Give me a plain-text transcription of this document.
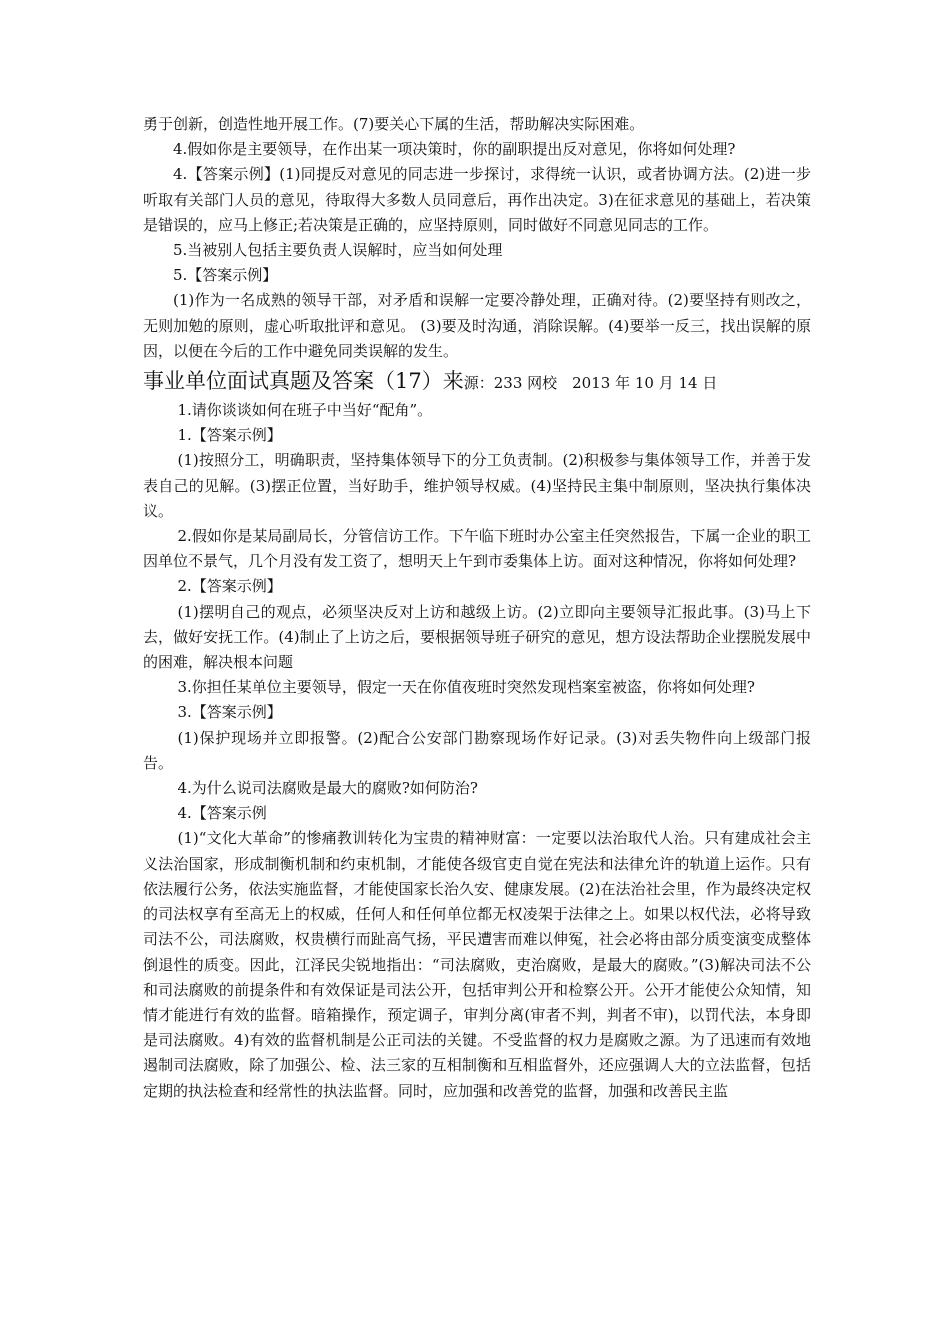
勇于创新，创造性地开展工作。(7)要关心下属的生活，帮助解决实际困难。

4.假如你是主要领导，在作出某一项决策时，你的副职提出反对意见，你将如何处理?

4.【答案示例】(1)同提反对意见的同志进一步探讨，求得统一认识，或者协调方法。(2)进一步听取有关部门人员的意见，待取得大多数人员同意后，再作出决定。3)在征求意见的基础上，若决策是错误的，应马上修正;若决策是正确的，应坚持原则，同时做好不同意见同志的工作。

5.当被别人包括主要负责人误解时，应当如何处理

5.【答案示例】

(1)作为一名成熟的领导干部，对矛盾和误解一定要冷静处理，正确对待。(2)要坚持有则改之，无则加勉的原则，虚心听取批评和意见。 (3)要及时沟通，消除误解。(4)要举一反三，找出误解的原因，以便在今后的工作中避免同类误解的发生。

事业单位面试真题及答案（17）来源：233 网校　2013 年 10 月 14 日

1.请你谈谈如何在班子中当好“配角”。

1.【答案示例】

(1)按照分工，明确职责，坚持集体领导下的分工负责制。(2)积极参与集体领导工作，并善于发表自己的见解。(3)摆正位置，当好助手，维护领导权威。(4)坚持民主集中制原则，坚决执行集体决议。

2.假如你是某局副局长，分管信访工作。下午临下班时办公室主任突然报告，下属一企业的职工因单位不景气，几个月没有发工资了，想明天上午到市委集体上访。面对这种情况，你将如何处理?

2.【答案示例】

(1)摆明自己的观点，必须坚决反对上访和越级上访。(2)立即向主要领导汇报此事。(3)马上下去，做好安抚工作。(4)制止了上访之后，要根据领导班子研究的意见，想方设法帮助企业摆脱发展中的困难，解决根本问题

3.你担任某单位主要领导，假定一天在你值夜班时突然发现档案室被盗，你将如何处理?

3.【答案示例】

(1)保护现场并立即报警。(2)配合公安部门勘察现场作好记录。(3)对丢失物件向上级部门报告。

4.为什么说司法腐败是最大的腐败?如何防治?

4.【答案示例

(1)“文化大革命”的惨痛教训转化为宝贵的精神财富：一定要以法治取代人治。只有建成社会主义法治国家，形成制衡机制和约束机制，才能使各级官吏自觉在宪法和法律允许的轨道上运作。只有依法履行公务，依法实施监督，才能使国家长治久安、健康发展。(2)在法治社会里，作为最终决定权的司法权享有至高无上的权威，任何人和任何单位都无权凌架于法律之上。如果以权代法，必将导致司法不公，司法腐败，权贵横行而趾高气扬，平民遭害而难以伸冤，社会必将由部分质变演变成整体倒退性的质变。因此，江泽民尖锐地指出：“司法腐败，吏治腐败，是最大的腐败。”(3)解决司法不公和司法腐败的前提条件和有效保证是司法公开，包括审判公开和检察公开。公开才能使公众知情，知情才能进行有效的监督。暗箱操作，预定调子，审判分离(审者不判，判者不审)，以罚代法，本身即是司法腐败。4)有效的监督机制是公正司法的关键。不受监督的权力是腐败之源。为了迅速而有效地遏制司法腐败，除了加强公、检、法三家的互相制衡和互相监督外，还应强调人大的立法监督，包括定期的执法检查和经常性的执法监督。同时，应加强和改善党的监督，加强和改善民主监
